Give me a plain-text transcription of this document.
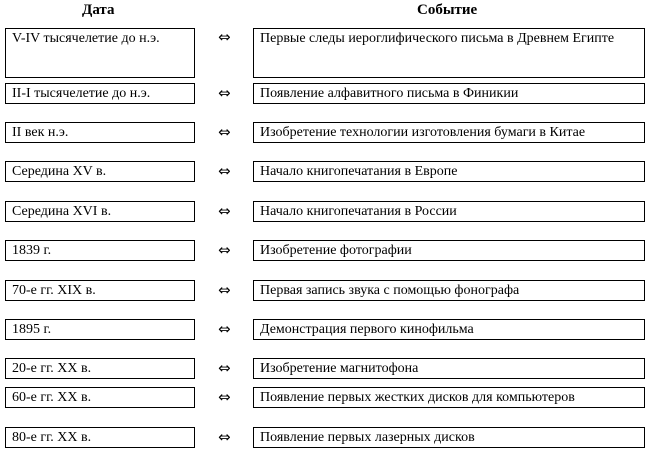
Дата	Событие
V-IV тысячелетие до н.э.	⇔	Первые следы иероглифического письма в Древнем Египте
II-I тысячелетие до н.э.	⇔	Появление алфавитного письма в Финикии
II век н.э.	⇔	Изобретение технологии изготовления бумаги в Китае
Середина XV в.	⇔	Начало книгопечатания в Европе
Середина XVI в.	⇔	Начало книгопечатания в России
1839 г.	⇔	Изобретение фотографии
70-е гг. XIX в.	⇔	Первая запись звука с помощью фонографа
1895 г.	⇔	Демонстрация первого кинофильма
20-е гг. XX в.	⇔	Изобретение магнитофона
60-е гг. XX в.	⇔	Появление первых жестких дисков для компьютеров
80-е гг. XX в.	⇔	Появление первых лазерных дисков
